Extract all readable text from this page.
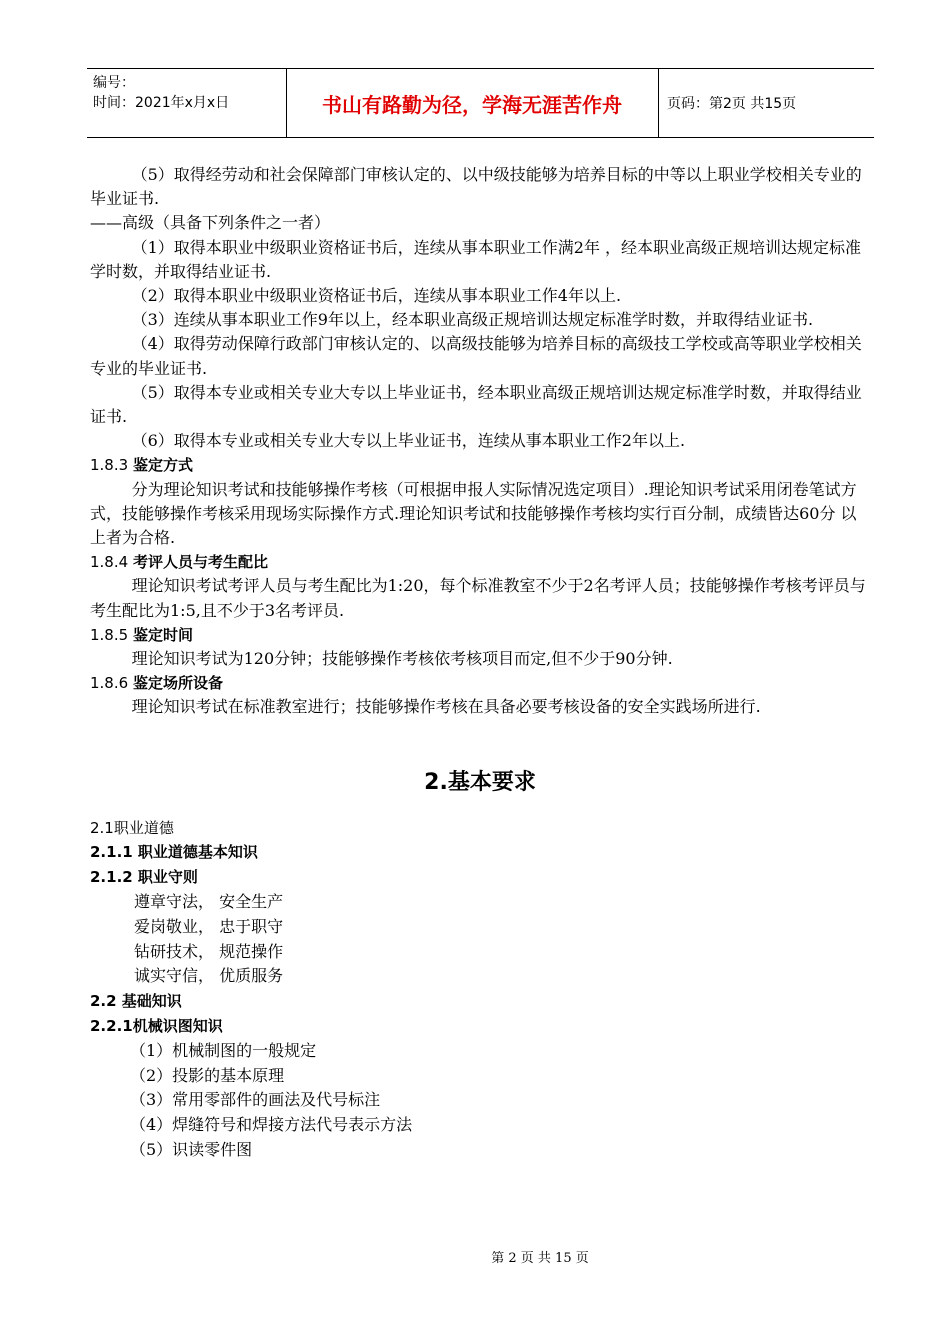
编号：
时间：2021年x月x日	书山有路勤为径，学海无涯苦作舟	页码：第2页 共15页

（5）取得经劳动和社会保障部门审核认定的、以中级技能够为培养目标的中等以上职业学校相关专业的毕业证书.

——高级（具备下列条件之一者）

（1）取得本职业中级职业资格证书后，连续从事本职业工作满2年 ，经本职业高级正规培训达规定标准学时数，并取得结业证书.

（2）取得本职业中级职业资格证书后，连续从事本职业工作4年以上.

（3）连续从事本职业工作9年以上，经本职业高级正规培训达规定标准学时数，并取得结业证书.

（4）取得劳动保障行政部门审核认定的、以高级技能够为培养目标的高级技工学校或高等职业学校相关专业的毕业证书.

（5）取得本专业或相关专业大专以上毕业证书，经本职业高级正规培训达规定标准学时数，并取得结业证书.

（6）取得本专业或相关专业大专以上毕业证书，连续从事本职业工作2年以上.

1.8.3 鉴定方式

分为理论知识考试和技能够操作考核（可根据申报人实际情况选定项目）.理论知识考试采用闭卷笔试方式，技能够操作考核采用现场实际操作方式.理论知识考试和技能够操作考核均实行百分制，成绩皆达60分 以上者为合格.

1.8.4 考评人员与考生配比

理论知识考试考评人员与考生配比为1:20，每个标准教室不少于2名考评人员；技能够操作考核考评员与考生配比为1:5,且不少于3名考评员.

1.8.5 鉴定时间

理论知识考试为120分钟；技能够操作考核依考核项目而定,但不少于90分钟.

1.8.6 鉴定场所设备

理论知识考试在标准教室进行；技能够操作考核在具备必要考核设备的安全实践场所进行.

2.基本要求

2.1职业道德

2.1.1 职业道德基本知识

2.1.2 职业守则

遵章守法， 安全生产

爱岗敬业， 忠于职守

钻研技术， 规范操作

诚实守信， 优质服务

2.2 基础知识

2.2.1机械识图知识

（1）机械制图的一般规定

（2）投影的基本原理

（3）常用零部件的画法及代号标注

（4）焊缝符号和焊接方法代号表示方法

（5）识读零件图

第 2 页 共 15 页
